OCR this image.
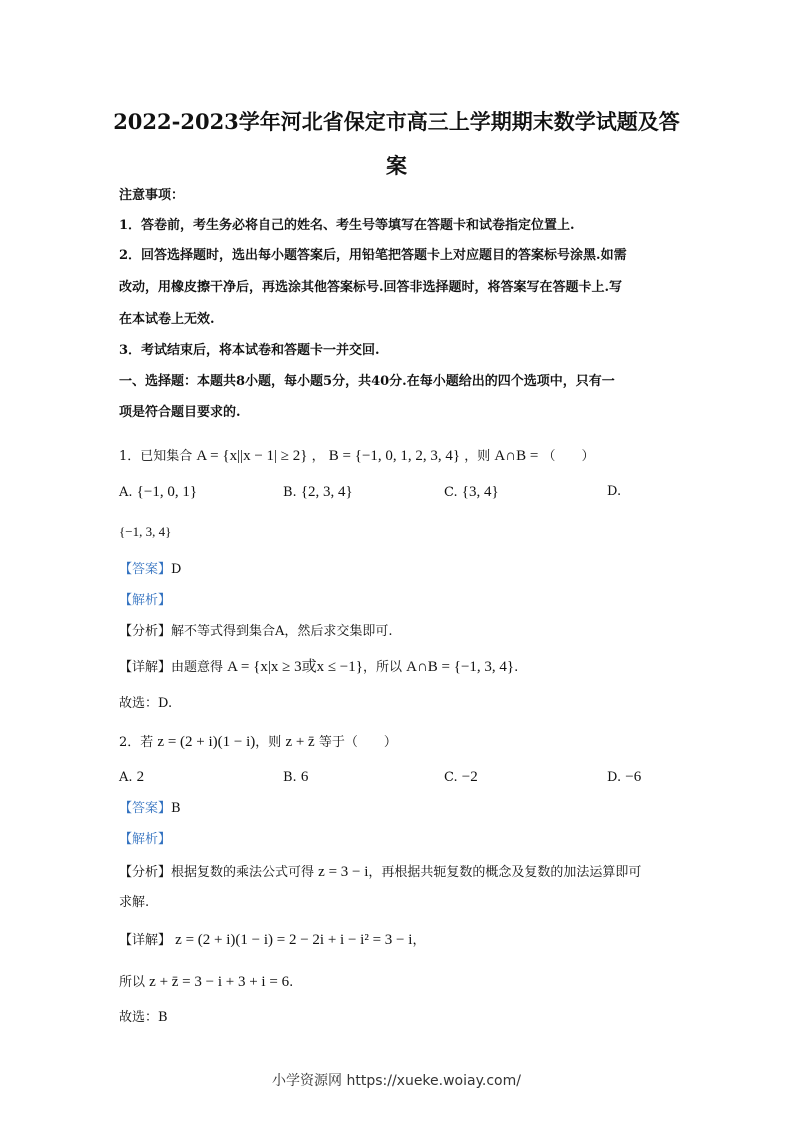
2022-2023学年河北省保定市高三上学期期末数学试题及答
案
注意事项：
1．答卷前，考生务必将自己的姓名、考生号等填写在答题卡和试卷指定位置上.
2．回答选择题时，选出每小题答案后，用铅笔把答题卡上对应题目的答案标号涂黑.如需
改动，用橡皮擦干净后，再选涂其他答案标号.回答非选择题时，将答案写在答题卡上.写
在本试卷上无效.
3．考试结束后，将本试卷和答题卡一并交回.
一、选择题：本题共8小题，每小题5分，共40分.在每小题给出的四个选项中，只有一
项是符合题目要求的.
1．已知集合 A = {x||x − 1| ≥ 2} ， B = {−1, 0, 1, 2, 3, 4} ，则 A∩B = （　　）
A. {−1, 0, 1}	B. {2, 3, 4}	C. {3, 4}	D.
{−1, 3, 4}
【答案】D
【解析】
【分析】解不等式得到集合A，然后求交集即可.
【详解】由题意得 A = {x|x ≥ 3或x ≤ −1}，所以 A∩B = {−1, 3, 4}.
故选：D.
2．若 z = (2 + i)(1 − i)，则 z + z̄ 等于（　　）
A. 2	B. 6	C. −2	D. −6
【答案】B
【解析】
【分析】根据复数的乘法公式可得 z = 3 − i，再根据共轭复数的概念及复数的加法运算即可
求解.
【详解】 z = (2 + i)(1 − i) = 2 − 2i + i − i² = 3 − i，
所以 z + z̄ = 3 − i + 3 + i = 6.
故选：B
小学资源网 https://xueke.woiay.com/
